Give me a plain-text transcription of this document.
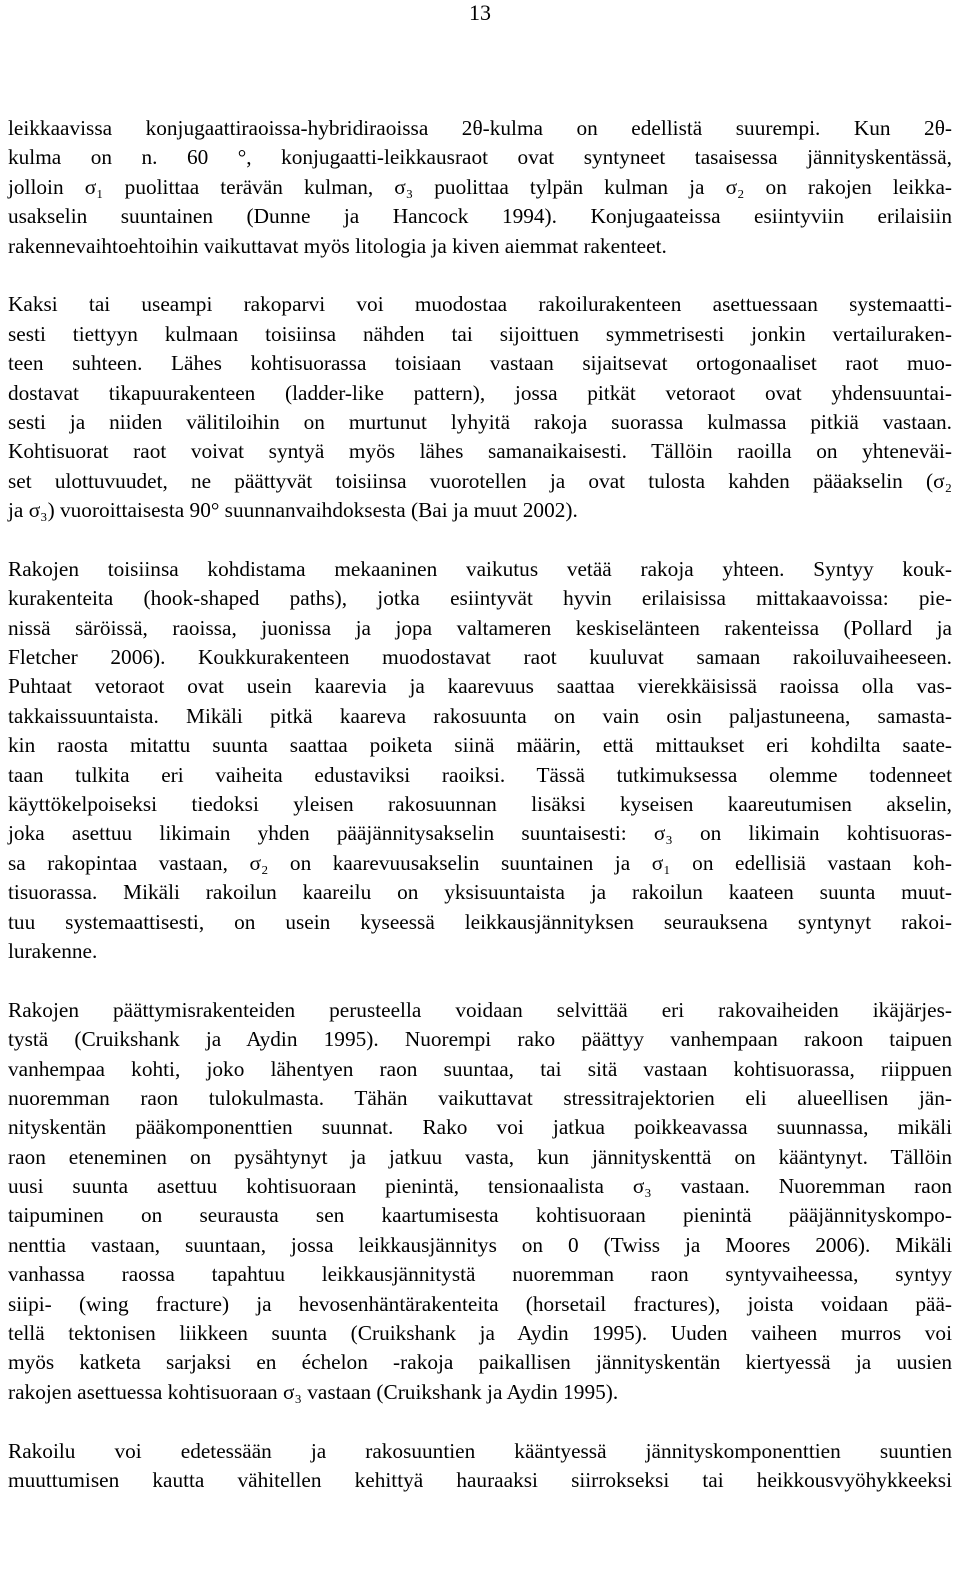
13
leikkaavissa konjugaattiraoissa-hybridiraoissa 2θ-kulma on edellistä suurempi. Kun 2θ-
kulma on n. 60 °, konjugaatti-leikkausraot ovat syntyneet tasaisessa jännityskentässä,
jolloin σ₁ puolittaa terävän kulman, σ₃ puolittaa tylpän kulman ja σ₂ on rakojen leikka-
usakselin suuntainen (Dunne ja Hancock 1994). Konjugaateissa esiintyviin erilaisiin
rakennevaihtoehtoihin vaikuttavat myös litologia ja kiven aiemmat rakenteet.
Kaksi tai useampi rakoparvi voi muodostaa rakoilurakenteen asettuessaan systemaatti-
sesti tiettyyn kulmaan toisiinsa nähden tai sijoittuen symmetrisesti jonkin vertailuraken-
teen suhteen. Lähes kohtisuorassa toisiaan vastaan sijaitsevat ortogonaaliset raot muo-
dostavat tikapuurakenteen (ladder-like pattern), jossa pitkät vetoraot ovat yhdensuuntai-
sesti ja niiden välitiloihin on murtunut lyhyitä rakoja suorassa kulmassa pitkiä vastaan.
Kohtisuorat raot voivat syntyä myös lähes samanaikaisesti. Tällöin raoilla on yhteneväi-
set ulottuvuudet, ne päättyvät toisiinsa vuorotellen ja ovat tulosta kahden pääakselin (σ₂
ja σ₃) vuoroittaisesta 90° suunnanvaihdoksesta (Bai ja muut 2002).
Rakojen toisiinsa kohdistama mekaaninen vaikutus vetää rakoja yhteen. Syntyy kouk-
kurakenteita (hook-shaped paths), jotka esiintyvät hyvin erilaisissa mittakaavoissa: pie-
nissä säröissä, raoissa, juonissa ja jopa valtameren keskiselänteen rakenteissa (Pollard ja
Fletcher 2006). Koukkurakenteen muodostavat raot kuuluvat samaan rakoiluvaiheeseen.
Puhtaat vetoraot ovat usein kaarevia ja kaarevuus saattaa vierekkäisissä raoissa olla vas-
takkaissuuntaista. Mikäli pitkä kaareva rakosuunta on vain osin paljastuneena, samasta-
kin raosta mitattu suunta saattaa poiketa siinä määrin, että mittaukset eri kohdilta saate-
taan tulkita eri vaiheita edustaviksi raoiksi. Tässä tutkimuksessa olemme todenneet
käyttökelpoiseksi tiedoksi yleisen rakosuunnan lisäksi kyseisen kaareutumisen akselin,
joka asettuu likimain yhden pääjännitysakselin suuntaisesti: σ₃ on likimain kohtisuoras-
sa rakopintaa vastaan, σ₂ on kaarevuusakselin suuntainen ja σ₁ on edellisiä vastaan koh-
tisuorassa. Mikäli rakoilun kaareilu on yksisuuntaista ja rakoilun kaateen suunta muut-
tuu systemaattisesti, on usein kyseessä leikkausjännityksen seurauksena syntynyt rakoi-
lurakenne.
Rakojen päättymisrakenteiden perusteella voidaan selvittää eri rakovaiheiden ikäjärjes-
tystä (Cruikshank ja Aydin 1995). Nuorempi rako päättyy vanhempaan rakoon taipuen
vanhempaa kohti, joko lähentyen raon suuntaa, tai sitä vastaan kohtisuorassa, riippuen
nuoremman raon tulokulmasta. Tähän vaikuttavat stressitrajektorien eli alueellisen jän-
nityskentän pääkomponenttien suunnat. Rako voi jatkua poikkeavassa suunnassa, mikäli
raon eteneminen on pysähtynyt ja jatkuu vasta, kun jännityskenttä on kääntynyt. Tällöin
uusi suunta asettuu kohtisuoraan pienintä, tensionaalista σ₃ vastaan. Nuoremman raon
taipuminen on seurausta sen kaartumisesta kohtisuoraan pienintä pääjännityskompo-
nenttia vastaan, suuntaan, jossa leikkausjännitys on 0 (Twiss ja Moores 2006). Mikäli
vanhassa raossa tapahtuu leikkausjännitystä nuoremman raon syntyvaiheessa, syntyy
siipi- (wing fracture) ja hevosenhäntärakenteita (horsetail fractures), joista voidaan pää-
tellä tektonisen liikkeen suunta (Cruikshank ja Aydin 1995). Uuden vaiheen murros voi
myös katketa sarjaksi en échelon -rakoja paikallisen jännityskentän kiertyessä ja uusien
rakojen asettuessa kohtisuoraan σ₃ vastaan (Cruikshank ja Aydin 1995).
Rakoilu voi edetessään ja rakosuuntien kääntyessä jännityskomponenttien suuntien
muuttumisen kautta vähitellen kehittyä hauraaksi siirrokseksi tai heikkousvyöhykkeeksi
